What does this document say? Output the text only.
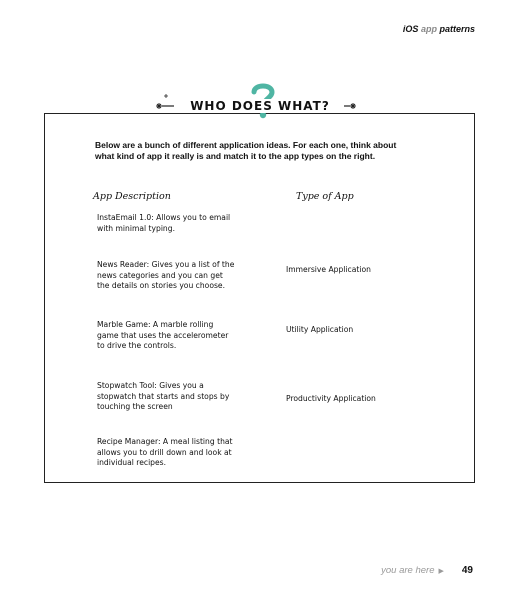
iOS app patterns
WHO DOES WHAT?
Below are a bunch of different application ideas. For each one, think about what kind of app it really is and match it to the app types on the right.
App Description	Type of App
InstaEmail 1.0: Allows you to email with minimal typing.
News Reader: Gives you a list of the news categories and you can get the details on stories you choose.
Marble Game: A marble rolling game that uses the accelerometer to drive the controls.
Stopwatch Tool: Gives you a stopwatch that starts and stops by touching the screen
Recipe Manager: A meal listing that allows you to drill down and look at individual recipes.
Immersive Application
Utility Application
Productivity Application
you are here ▶ 49
